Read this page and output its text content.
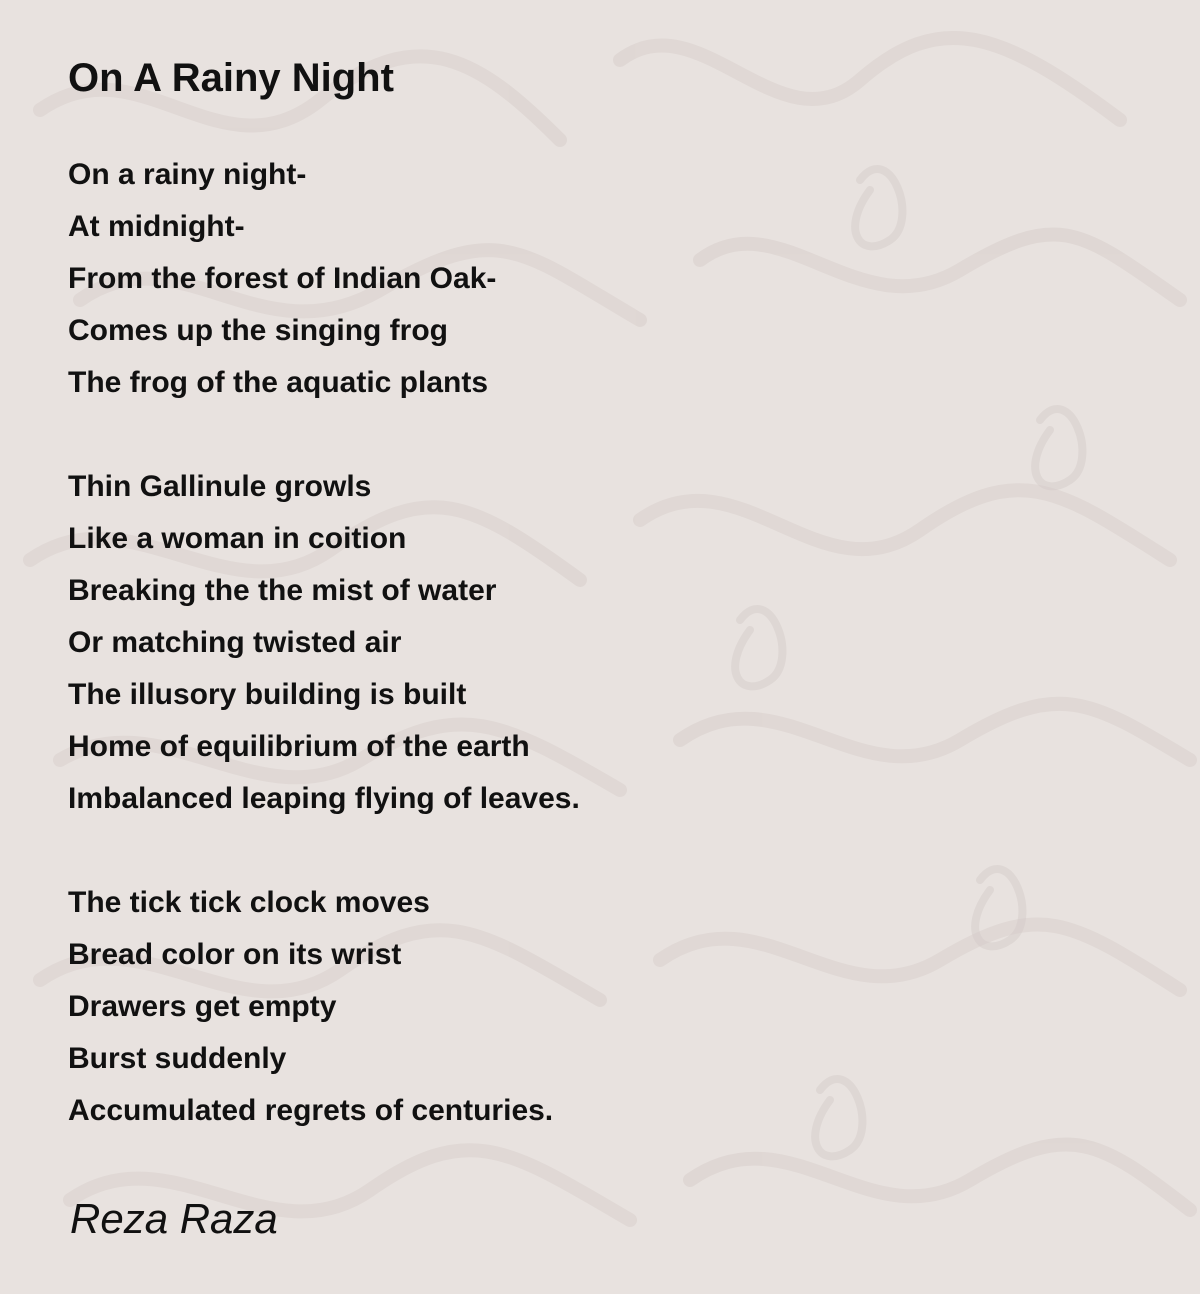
On A Rainy Night
On a rainy night-
At midnight-
From the forest of Indian Oak-
Comes up the singing frog
The frog of the aquatic plants
Thin Gallinule growls
Like a woman in coition
Breaking the the mist of water
Or matching twisted air
The illusory building is built
Home of equilibrium of the earth
Imbalanced leaping flying of leaves.
The tick tick clock moves
Bread color on its wrist
Drawers get empty
Burst suddenly
Accumulated regrets of centuries.
Reza Raza
